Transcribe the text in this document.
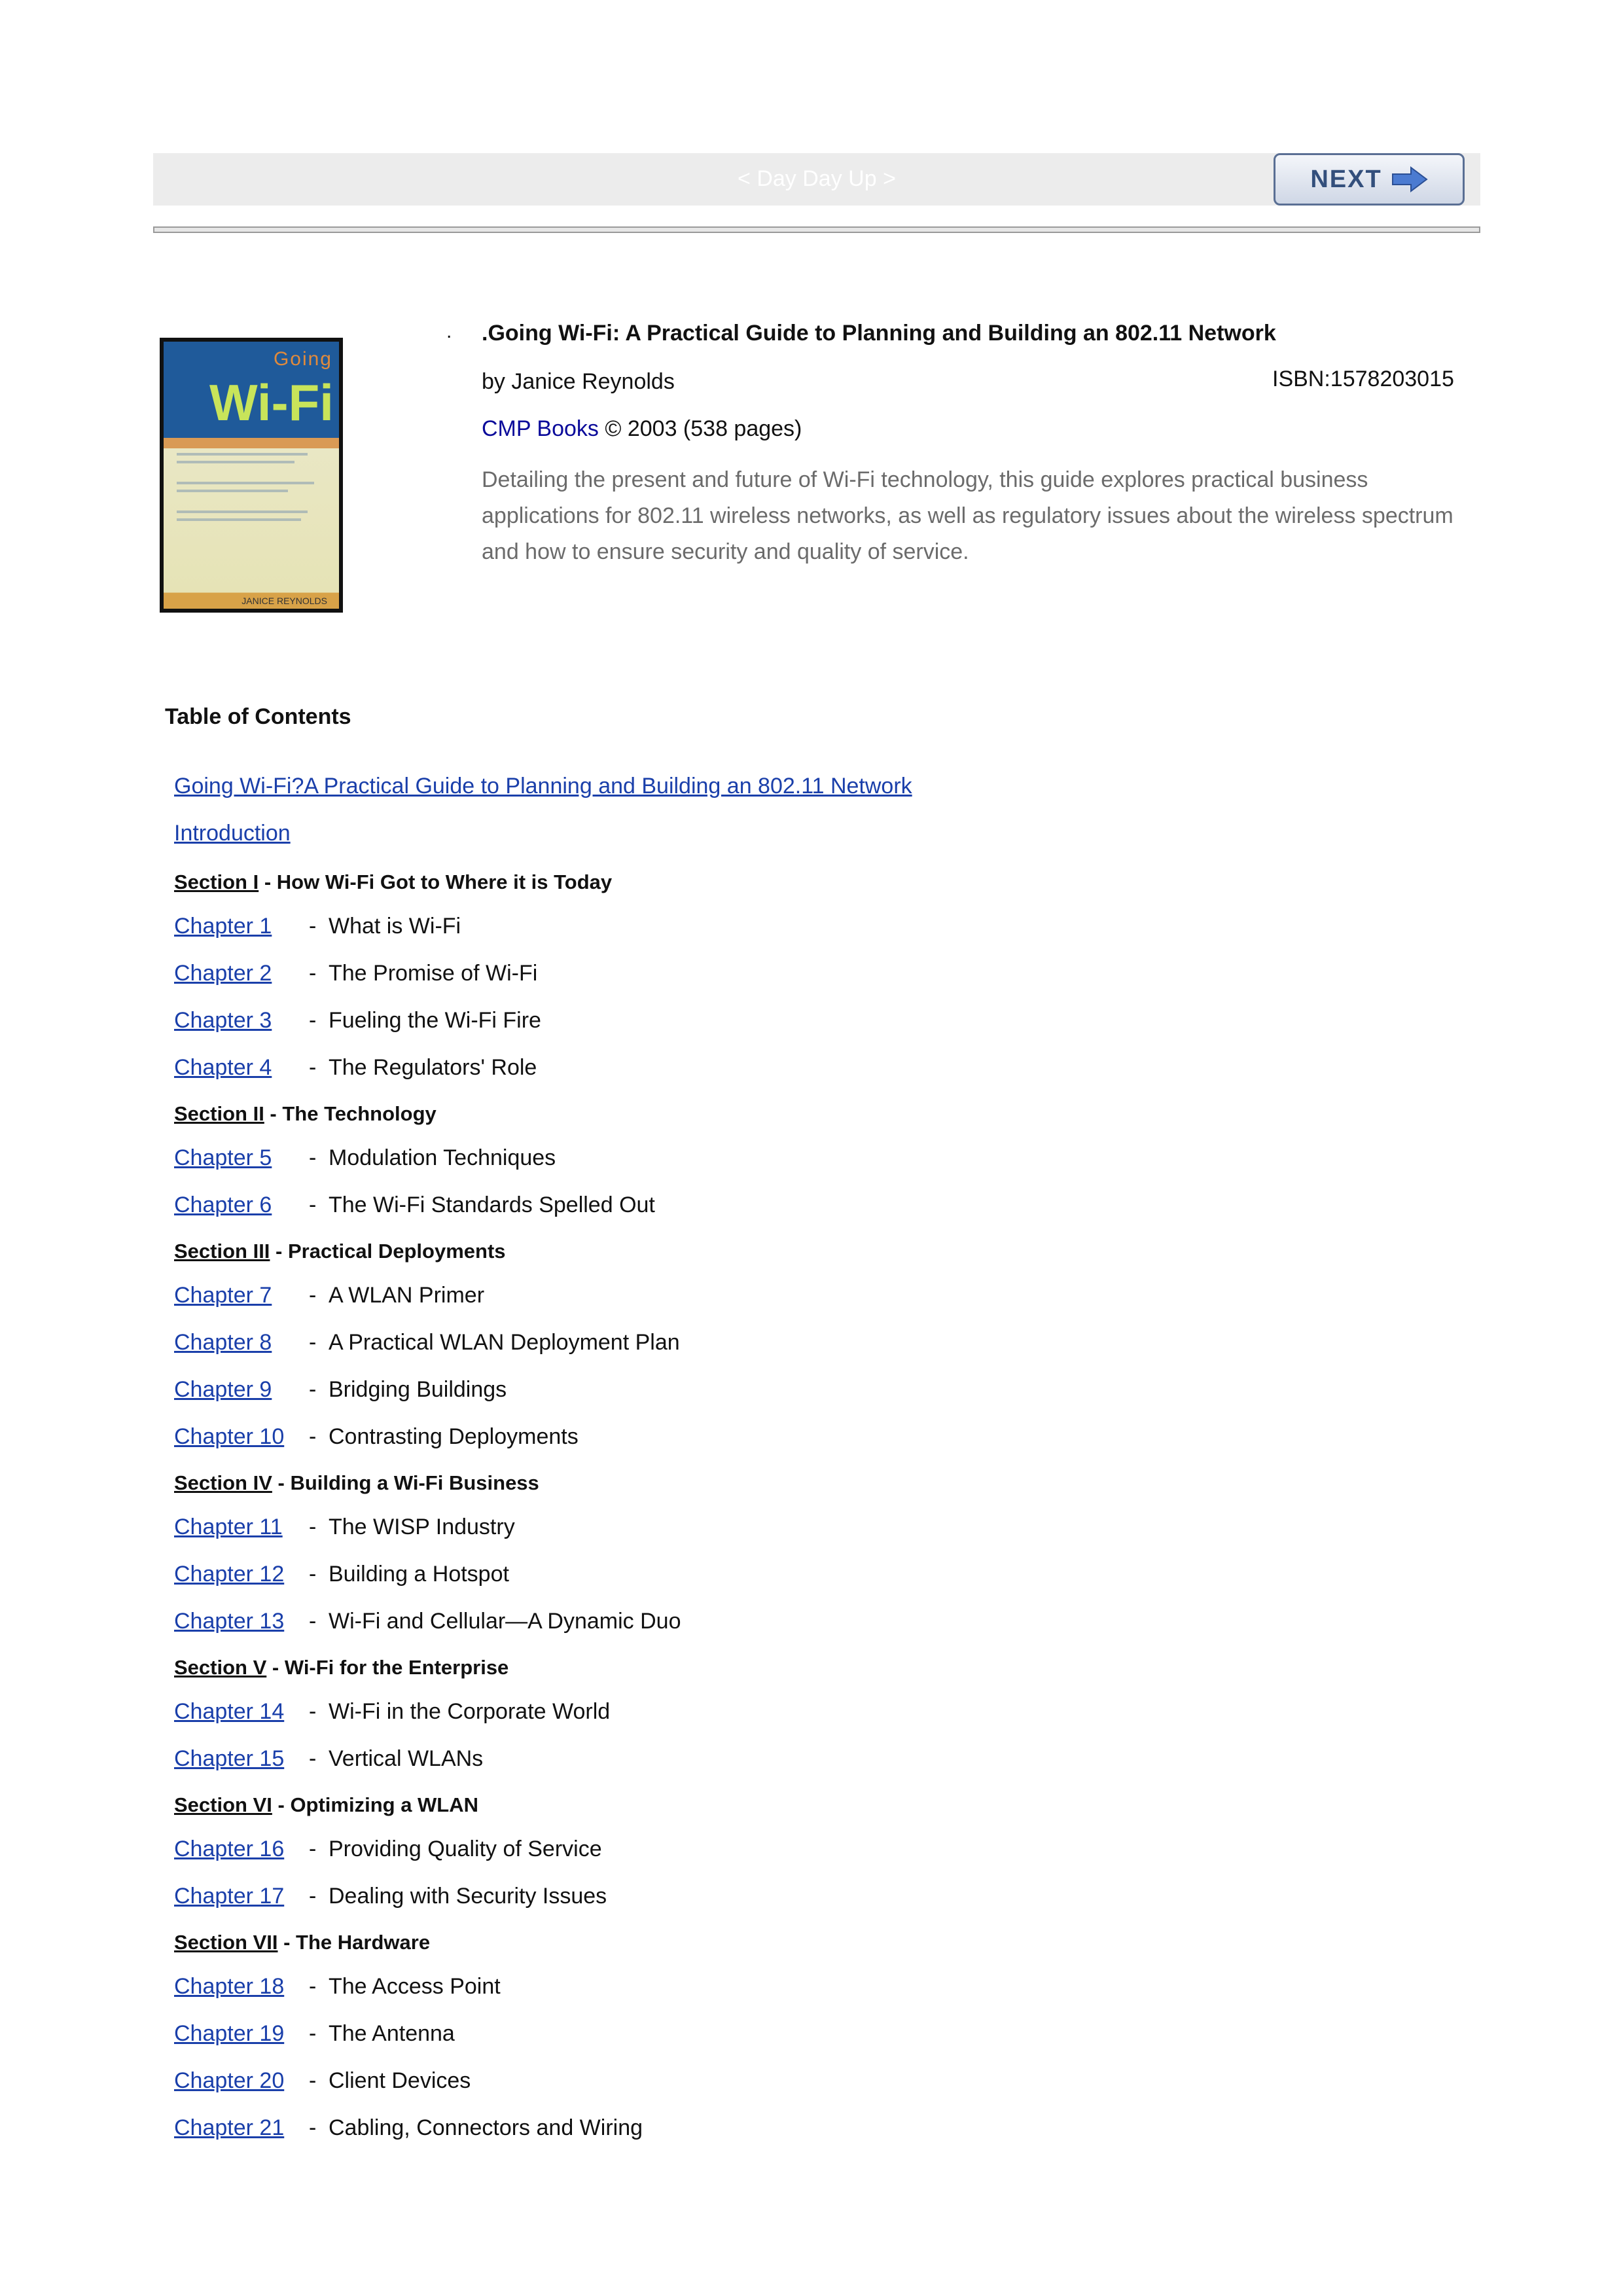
< Day Day Up >	NEXT
Going
Wi-Fi
JANICE REYNOLDS
. .Going Wi-Fi: A Practical Guide to Planning and Building an 802.11 Network
by Janice Reynolds	ISBN:1578203015
CMP Books © 2003 (538 pages)
Detailing the present and future of Wi-Fi technology, this guide explores practical business applications for 802.11 wireless networks, as well as regulatory issues about the wireless spectrum and how to ensure security and quality of service.
Table of Contents
Going Wi-Fi?A Practical Guide to Planning and Building an 802.11 Network
Introduction
Section I - How Wi-Fi Got to Where it is Today
Chapter 1 - What is Wi-Fi
Chapter 2 - The Promise of Wi-Fi
Chapter 3 - Fueling the Wi-Fi Fire
Chapter 4 - The Regulators' Role
Section II - The Technology
Chapter 5 - Modulation Techniques
Chapter 6 - The Wi-Fi Standards Spelled Out
Section III - Practical Deployments
Chapter 7 - A WLAN Primer
Chapter 8 - A Practical WLAN Deployment Plan
Chapter 9 - Bridging Buildings
Chapter 10 - Contrasting Deployments
Section IV - Building a Wi-Fi Business
Chapter 11 - The WISP Industry
Chapter 12 - Building a Hotspot
Chapter 13 - Wi-Fi and Cellular—A Dynamic Duo
Section V - Wi-Fi for the Enterprise
Chapter 14 - Wi-Fi in the Corporate World
Chapter 15 - Vertical WLANs
Section VI - Optimizing a WLAN
Chapter 16 - Providing Quality of Service
Chapter 17 - Dealing with Security Issues
Section VII - The Hardware
Chapter 18 - The Access Point
Chapter 19 - The Antenna
Chapter 20 - Client Devices
Chapter 21 - Cabling, Connectors and Wiring
